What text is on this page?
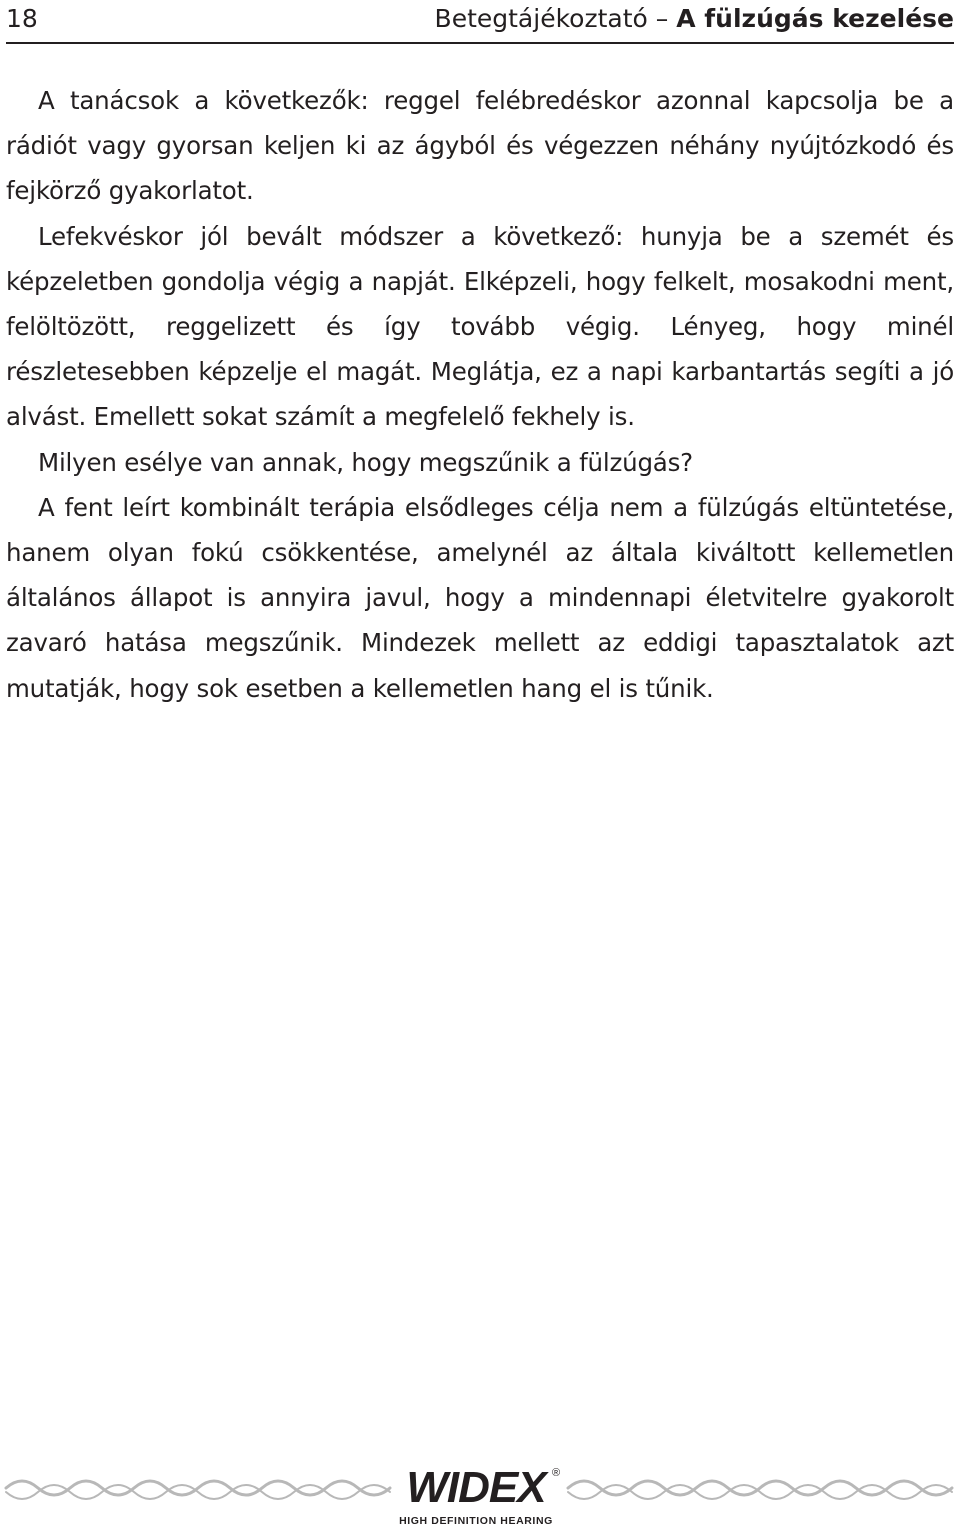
18	Betegtájékoztató – A fülzúgás kezelése

A tanácsok a következők: reggel felébredéskor azonnal kapcsolja be a rádiót vagy gyorsan keljen ki az ágyból és végezzen néhány nyújtózkodó és fejkörző gyakorlatot.

Lefekvéskor jól bevált módszer a következő: hunyja be a szemét és képzeletben gondolja végig a napját. Elképzeli, hogy felkelt, mosakodni ment, felöltözött, reggelizett és így tovább végig. Lényeg, hogy minél részletesebben képzelje el magát. Meglátja, ez a napi karbantartás segíti a jó alvást. Emellett sokat számít a megfelelő fekhely is.

Milyen esélye van annak, hogy megszűnik a fülzúgás?

A fent leírt kombinált terápia elsődleges célja nem a fülzúgás eltüntetése, hanem olyan fokú csökkentése, amelynél az általa kiváltott kellemetlen általános állapot is annyira javul, hogy a mindennapi életvitelre gyakorolt zavaró hatása megszűnik. Mindezek mellett az eddigi tapasztalatok azt mutatják, hogy sok esetben a kellemetlen hang el is tűnik.

WIDEX ®
HIGH DEFINITION HEARING
